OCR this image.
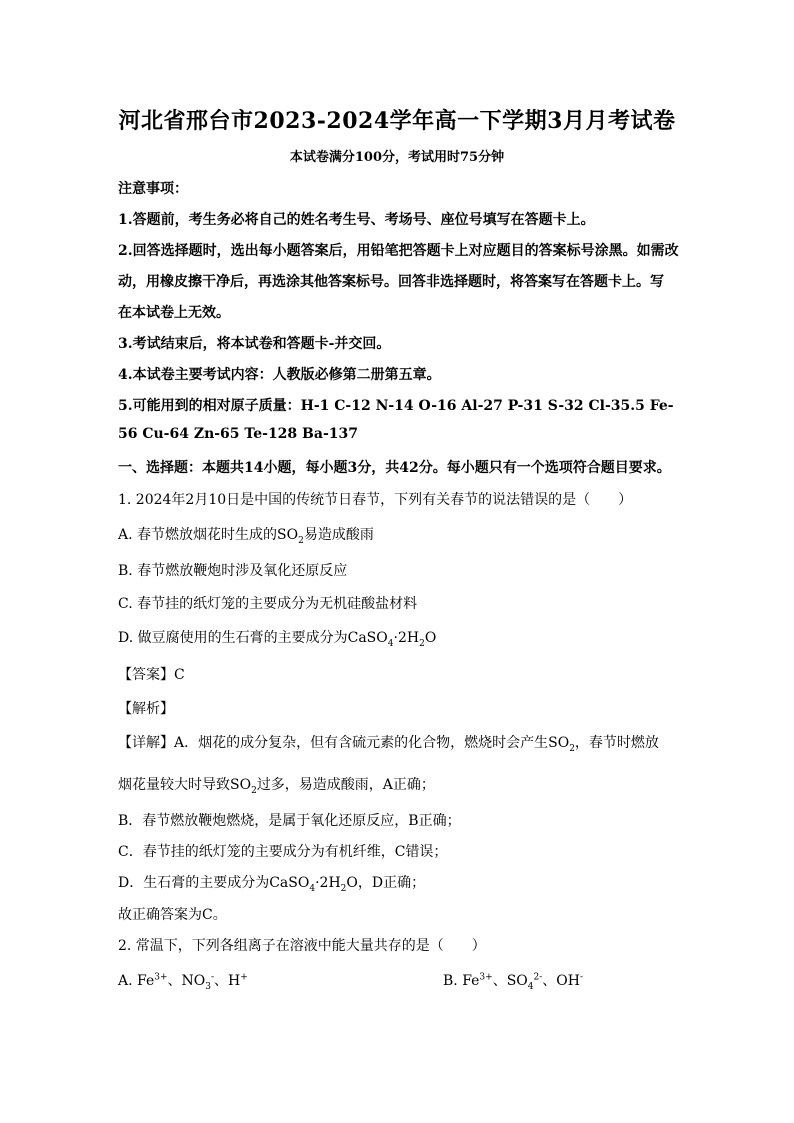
河北省邢台市2023-2024学年高一下学期3月月考试卷
本试卷满分100分，考试用时75分钟
注意事项：
1.答题前，考生务必将自己的姓名考生号、考场号、座位号填写在答题卡上。
2.回答选择题时，选出每小题答案后，用铅笔把答题卡上对应题目的答案标号涂黑。如需改
动，用橡皮擦干净后，再选涂其他答案标号。回答非选择题时，将答案写在答题卡上。写
在本试卷上无效。
3.考试结束后，将本试卷和答题卡-并交回。
4.本试卷主要考试内容：人教版必修第二册第五章。
5.可能用到的相对原子质量：H-1 C-12 N-14 O-16 Al-27 P-31 S-32 Cl-35.5 Fe-
56 Cu-64 Zn-65 Te-128 Ba-137
一、选择题：本题共14小题，每小题3分，共42分。每小题只有一个选项符合题目要求。
1. 2024年2月10日是中国的传统节日春节，下列有关春节的说法错误的是（　　）
A. 春节燃放烟花时生成的$SO_2$易造成酸雨
B. 春节燃放鞭炮时涉及氧化还原反应
C. 春节挂的纸灯笼的主要成分为无机硅酸盐材料
D. 做豆腐使用的生石膏的主要成分为$CaSO_4\cdot 2H_2O$
【答案】C
【解析】
【详解】A．烟花的成分复杂，但有含硫元素的化合物，燃烧时会产生$SO_2$，春节时燃放
烟花量较大时导致$SO_2$过多，易造成酸雨，A正确；
B．春节燃放鞭炮燃烧，是属于氧化还原反应，B正确；
C．春节挂的纸灯笼的主要成分为有机纤维，C错误；
D．生石膏的主要成分为$CaSO_4\cdot 2H_2O$，D正确；
故正确答案为C。
2. 常温下，下列各组离子在溶液中能大量共存的是（　　）
A. $Fe^{3+}$、$NO_3^-$、H+	B. $Fe^{3+}$、$SO_4^{2-}$、OH-
